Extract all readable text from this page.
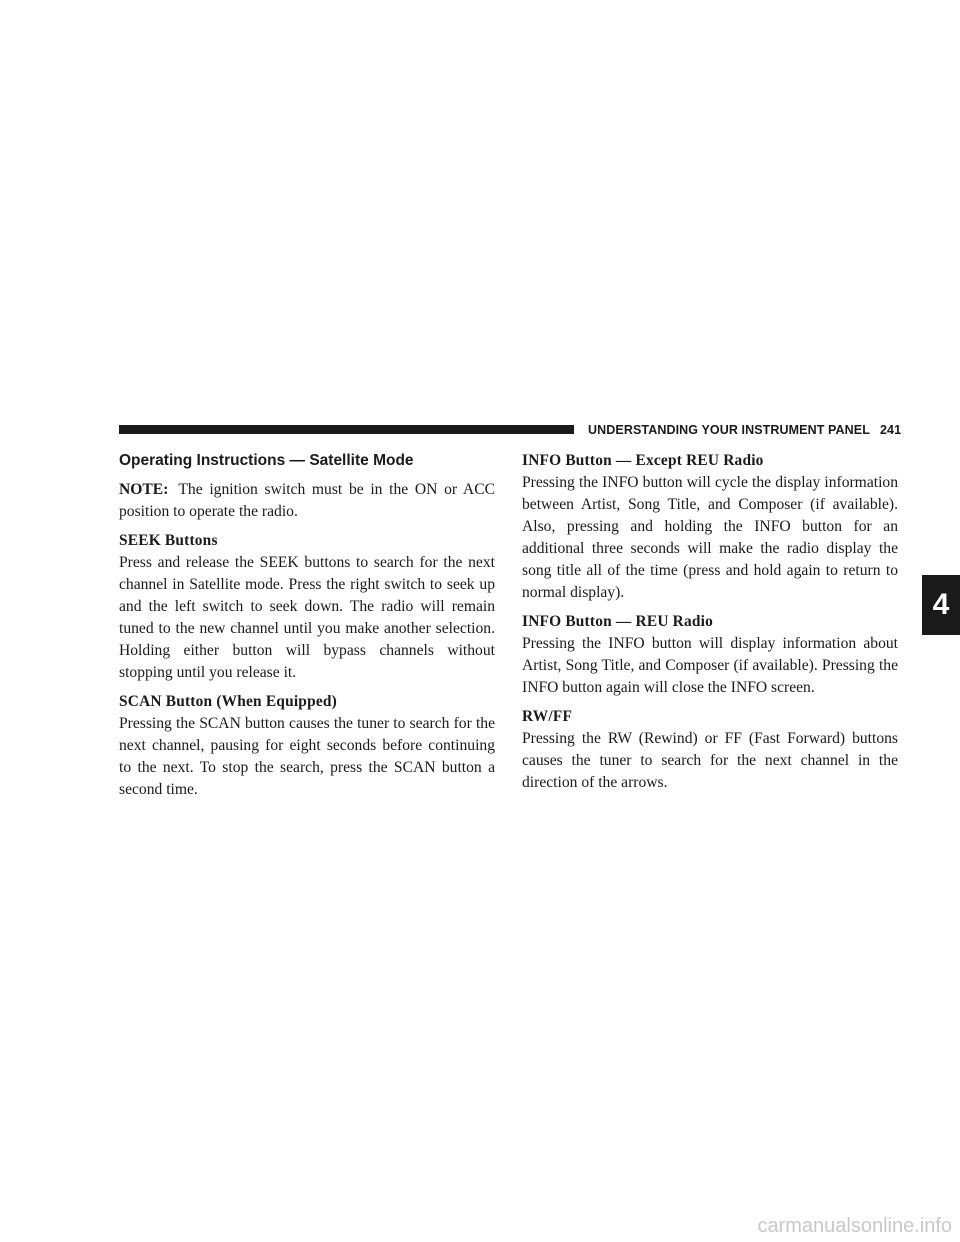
UNDERSTANDING YOUR INSTRUMENT PANEL 241
4
Operating Instructions — Satellite Mode

NOTE: The ignition switch must be in the ON or ACC position to operate the radio.

SEEK Buttons

Press and release the SEEK buttons to search for the next channel in Satellite mode. Press the right switch to seek up and the left switch to seek down. The radio will remain tuned to the new channel until you make another selection. Holding either button will bypass channels without stopping until you release it.

SCAN Button (When Equipped)

Pressing the SCAN button causes the tuner to search for the next channel, pausing for eight seconds before continuing to the next. To stop the search, press the SCAN button a second time.

INFO Button — Except REU Radio

Pressing the INFO button will cycle the display information between Artist, Song Title, and Composer (if available). Also, pressing and holding the INFO button for an additional three seconds will make the radio display the song title all of the time (press and hold again to return to normal display).

INFO Button — REU Radio

Pressing the INFO button will display information about Artist, Song Title, and Composer (if available). Pressing the INFO button again will close the INFO screen.

RW/FF

Pressing the RW (Rewind) or FF (Fast Forward) buttons causes the tuner to search for the next channel in the direction of the arrows.

carmanualsonline.info
